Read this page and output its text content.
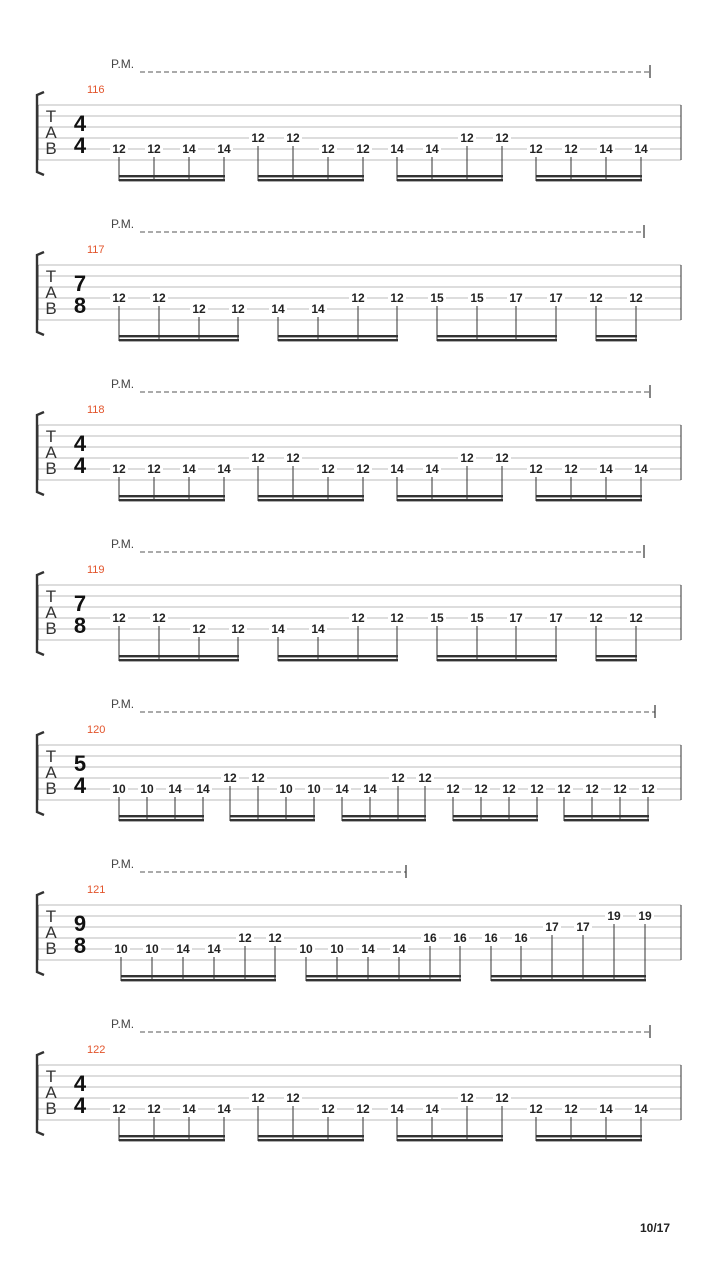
P.M.
116
T
A
B
4
4 12 12 14 14
12 12
12 12 14 14
12 12
12 12 14 14
P.M.
117
T
A
B
7
8 12 12
12 12 14 14
12 12 15 15 17 17 12 12
P.M.
118
T
A
B
4
4 12 12 14 14
12 12
12 12 14 14
12 12
12 12 14 14
P.M.
119
T
A
B
7
8 12 12
12 12 14 14
12 12 15 15 17 17 12 12
P.M.
120
T
A
B
5
4 10 10 14 14
12 12
10 10 14 14
12 12
12 12 12 12 12 12 12 12
P.M.
121
T
A
B
9
8 10 10 14 14
12 12
10 10 14 14
16 16 16 16
17 17
19 19
P.M.
122
T
A
B
4
4 12 12 14 14
12 12
12 12 14 14
12 12
12 12 14 14
10/17
